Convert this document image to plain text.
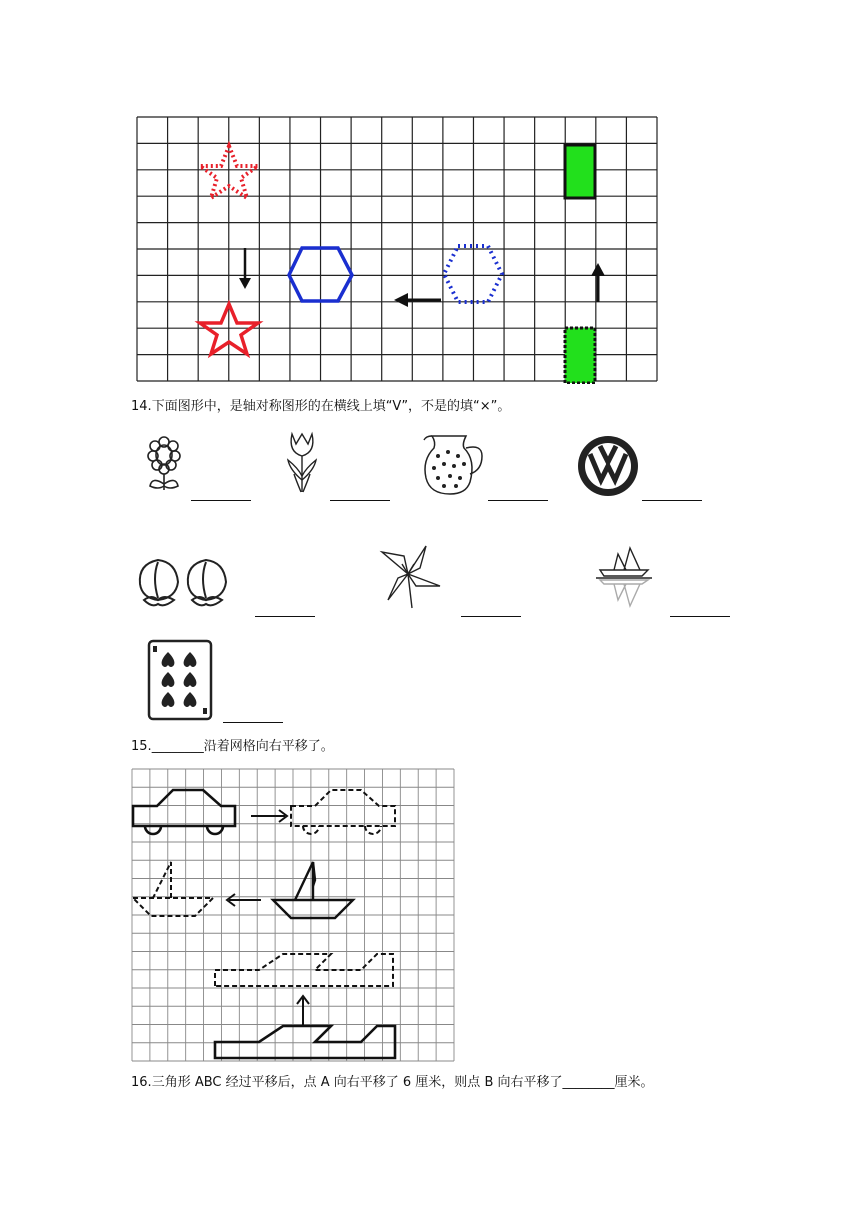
14.下面图形中，是轴对称图形的在横线上填“V”，不是的填“×”。
15.________沿着网格向右平移了。
16.三角形 ABC 经过平移后，点 A 向右平移了 6 厘米，则点 B 向右平移了________厘米。
